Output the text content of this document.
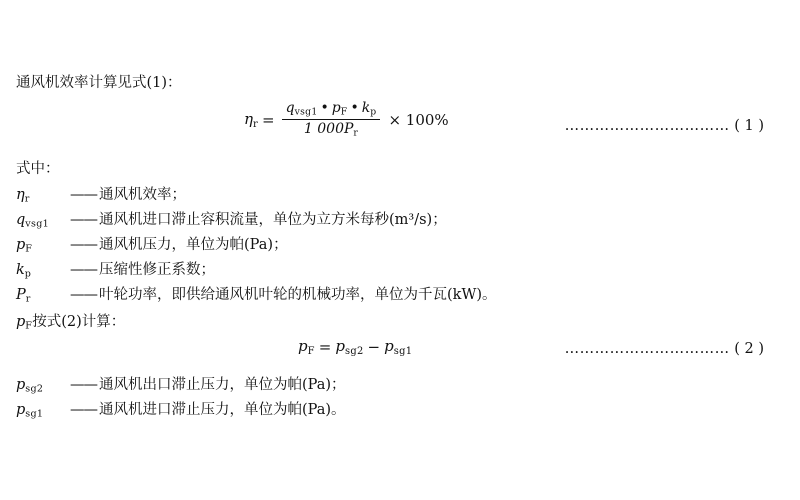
通风机效率计算见式(1)：
$\eta_r = \frac{q_{vsg1} • p_F • k_p}{1 000P_r} \times 100\%$	…………………………… ( 1 )
式中：
$\eta_r$	—— 通风机效率；
$q_{vsg1}$	—— 通风机进口滞止容积流量，单位为立方米每秒(m³/s)；
$p_F$	—— 通风机压力，单位为帕(Pa)；
$k_p$	—— 压缩性修正系数；
$P_r$	—— 叶轮功率，即供给通风机叶轮的机械功率，单位为千瓦(kW)。
$p_F$ 按式(2)计算：
$p_F = p_{sg2} - p_{sg1}$	…………………………… ( 2 )
$p_{sg2}$	—— 通风机出口滞止压力，单位为帕(Pa)；
$p_{sg1}$	—— 通风机进口滞止压力，单位为帕(Pa)。
